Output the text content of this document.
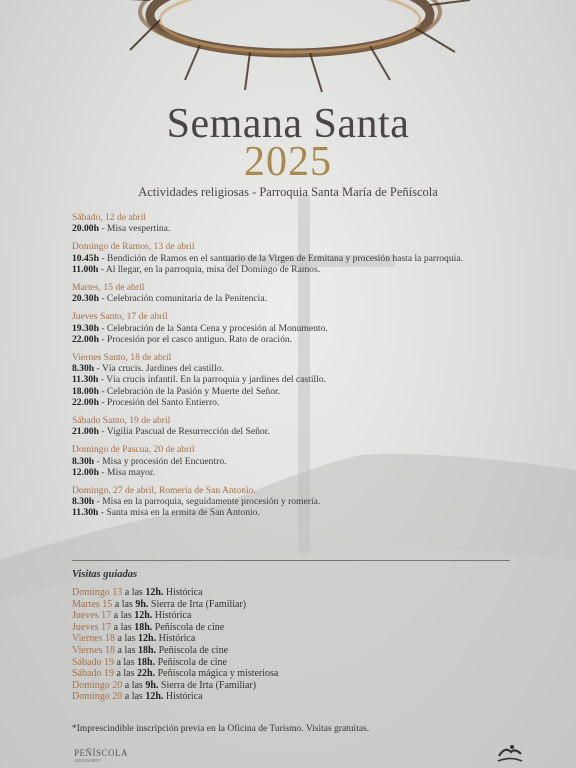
Semana Santa
2025
Actividades religiosas - Parroquia Santa María de Peñíscola
Sábado, 12 de abril
20.00h - Misa vespertina.
Domingo de Ramos, 13 de abril
10.45h - Bendición de Ramos en el santuario de la Virgen de Ermitana y procesión hasta la parroquia.
11.00h - Al llegar, en la parroquia, misa del Domingo de Ramos.
Martes, 15 de abril
20.30h - Celebración comunitaria de la Penitencia.
Jueves Santo, 17 de abril
19.30h - Celebración de la Santa Cena y procesión al Monumento.
22.00h - Procesión por el casco antiguo. Rato de oración.
Viernes Santo, 18 de abril
8.30h - Vía crucis. Jardines del castillo.
11.30h - Vía crucis infantil. En la parroquia y jardines del castillo.
18.00h - Celebración de la Pasión y Muerte del Señor.
22.00h - Procesión del Santo Entierro.
Sábado Santo, 19 de abril
21.00h - Vigilia Pascual de Resurrección del Señor.
Domingo de Pascua, 20 de abril
8.30h - Misa y procesión del Encuentro.
12.00h - Misa mayor.
Domingo, 27 de abril, Romería de San Antonio.
8.30h - Misa en la parroquia, seguidamente procesión y romería.
11.30h - Santa misa en la ermita de San Antonio.
Visitas guiadas
Domingo 13 a las 12h. Histórica
Martes 15 a las 9h. Sierra de Irta (Familiar)
Jueves 17 a las 12h. Histórica
Jueves 17 a las 18h. Peñíscola de cine
Viernes 18 a las 12h. Histórica
Viernes 18 a las 18h. Peñíscola de cine
Sábado 19 a las 18h. Peñíscola de cine
Sábado 19 a las 22h. Peñíscola mágica y misteriosa
Domingo 20 a las 9h. Sierra de Irta (Familiar)
Domingo 20 a las 12h. Histórica
*Imprescindible inscripción previa en la Oficina de Turismo. Visitas gratuitas.
PEÑÍSCOLA
AJUNTAMENT
